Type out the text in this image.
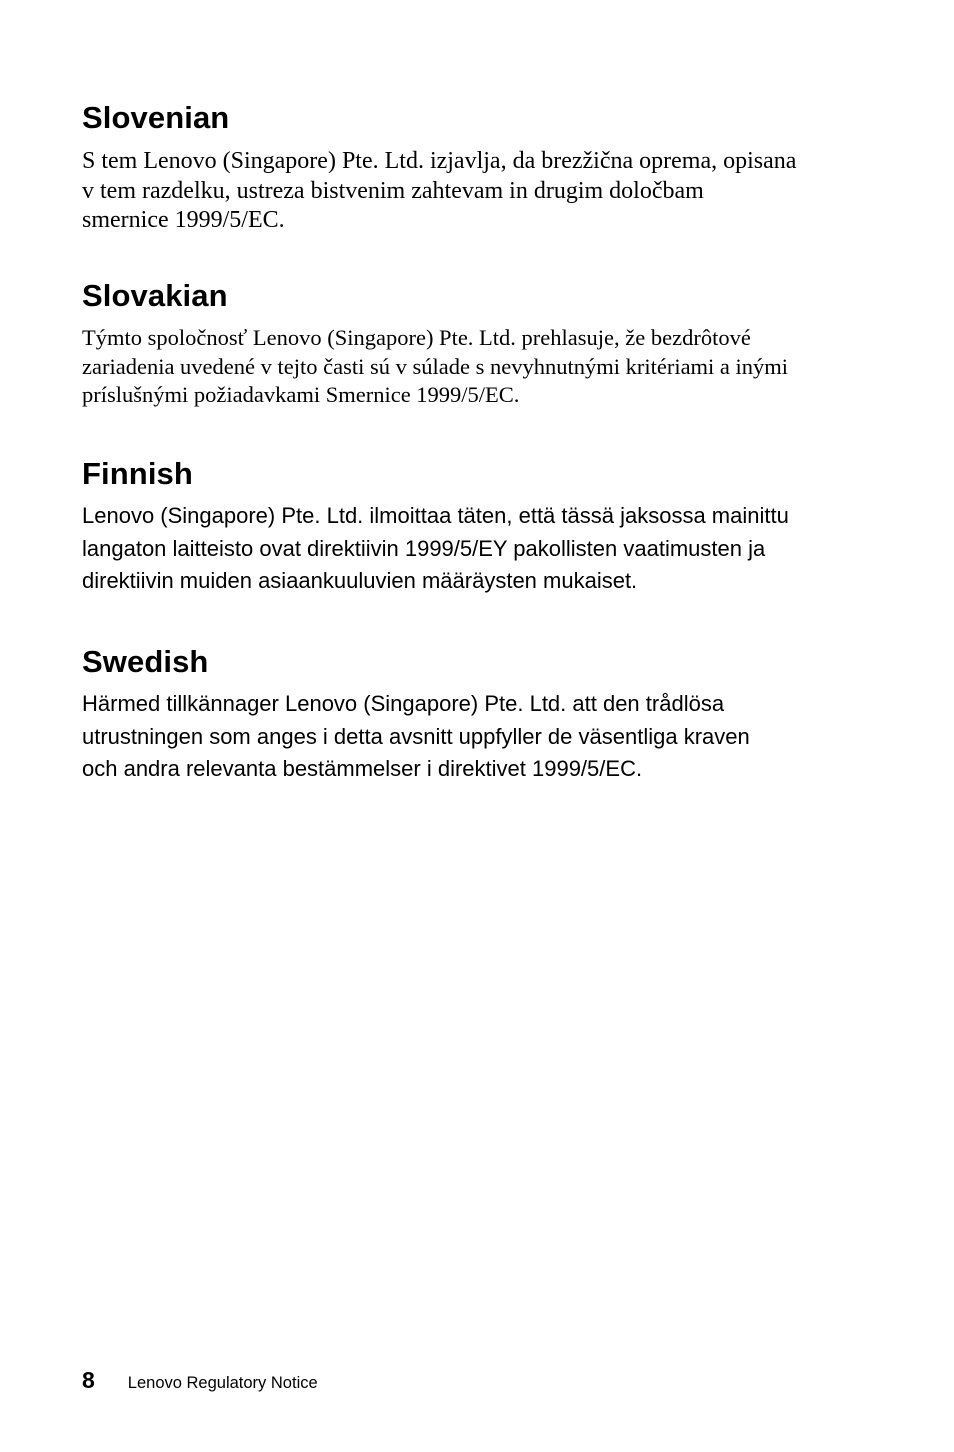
Slovenian

S tem Lenovo (Singapore) Pte. Ltd. izjavlja, da brezžična oprema, opisana
v tem razdelku, ustreza bistvenim zahtevam in drugim določbam
smernice 1999/5/EC.

Slovakian

Týmto spoločnosť Lenovo (Singapore) Pte. Ltd. prehlasuje, že bezdrôtové
zariadenia uvedené v tejto časti sú v súlade s nevyhnutnými kritériami a inými
príslušnými požiadavkami Smernice 1999/5/EC.

Finnish

Lenovo (Singapore) Pte. Ltd. ilmoittaa täten, että tässä jaksossa mainittu
langaton laitteisto ovat direktiivin 1999/5/EY pakollisten vaatimusten ja
direktiivin muiden asiaankuuluvien määräysten mukaiset.

Swedish

Härmed tillkännager Lenovo (Singapore) Pte. Ltd. att den trådlösa
utrustningen som anges i detta avsnitt uppfyller de väsentliga kraven
och andra relevanta bestämmelser i direktivet 1999/5/EC.

8 Lenovo Regulatory Notice
